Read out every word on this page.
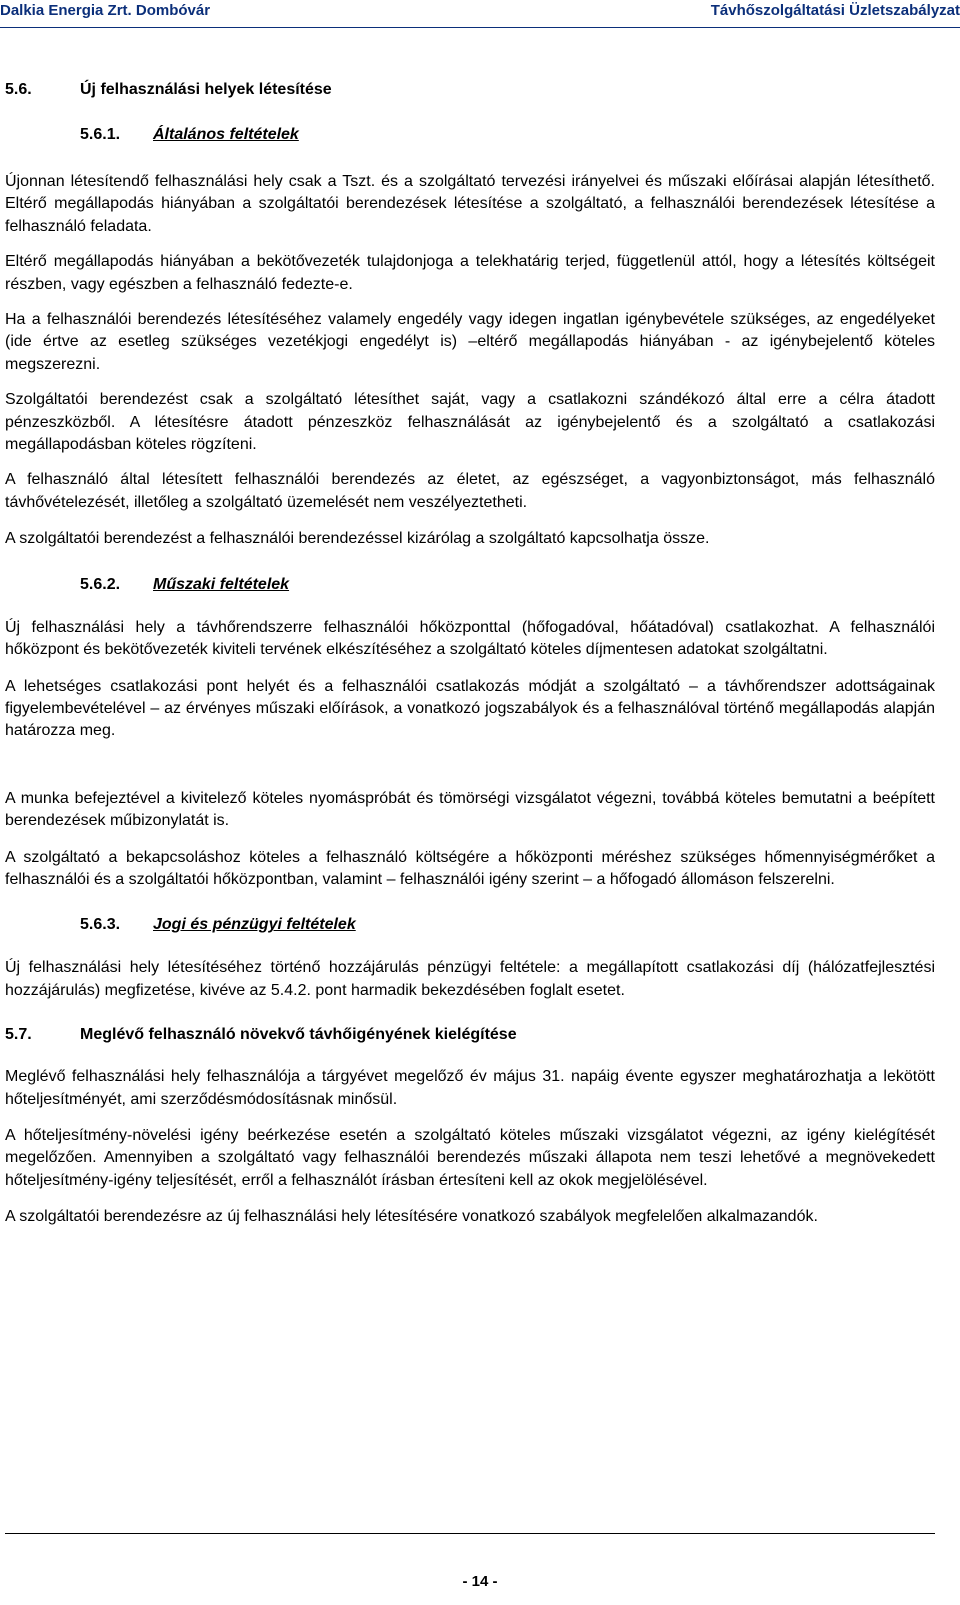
Dalkia Energia Zrt. Dombóvár	Távhőszolgáltatási Üzletszabályzat
5.6.	Új felhasználási helyek létesítése
5.6.1. Általános feltételek

Újonnan létesítendő felhasználási hely csak a Tszt. és a szolgáltató tervezési irányelvei és műszaki előírásai alapján létesíthető. Eltérő megállapodás hiányában a szolgáltatói berendezések létesítése a szolgáltató, a felhasználói berendezések létesítése a felhasználó feladata.

Eltérő megállapodás hiányában a bekötővezeték tulajdonjoga a telekhatárig terjed, függetlenül attól, hogy a létesítés költségeit részben, vagy egészben a felhasználó fedezte-e.

Ha a felhasználói berendezés létesítéséhez valamely engedély vagy idegen ingatlan igénybevétele szükséges, az engedélyeket (ide értve az esetleg szükséges vezetékjogi engedélyt is) –eltérő megállapodás hiányában - az igénybejelentő köteles megszerezni.

Szolgáltatói berendezést csak a szolgáltató létesíthet saját, vagy a csatlakozni szándékozó által erre a célra átadott pénzeszközből. A létesítésre átadott pénzeszköz felhasználását az igénybejelentő és a szolgáltató a csatlakozási megállapodásban köteles rögzíteni.

A felhasználó által létesített felhasználói berendezés az életet, az egészséget, a vagyonbiztonságot, más felhasználó távhővételezését, illetőleg a szolgáltató üzemelését nem veszélyeztetheti.

A szolgáltatói berendezést a felhasználói berendezéssel kizárólag a szolgáltató kapcsolhatja össze.

5.6.2. Műszaki feltételek

Új felhasználási hely a távhőrendszerre felhasználói hőközponttal (hőfogadóval, hőátadóval) csatlakozhat. A felhasználói hőközpont és bekötővezeték kiviteli tervének elkészítéséhez a szolgáltató köteles díjmentesen adatokat szolgáltatni.

A lehetséges csatlakozási pont helyét és a felhasználói csatlakozás módját a szolgáltató – a távhőrendszer adottságainak figyelembevételével – az érvényes műszaki előírások, a vonatkozó jogszabályok és a felhasználóval történő megállapodás alapján határozza meg.

A munka befejeztével a kivitelező köteles nyomáspróbát és tömörségi vizsgálatot végezni, továbbá köteles bemutatni a beépített berendezések műbizonylatát is.

A szolgáltató a bekapcsoláshoz köteles a felhasználó költségére a hőközponti méréshez szükséges hőmennyiségmérőket a felhasználói és a szolgáltatói hőközpontban, valamint – felhasználói igény szerint – a hőfogadó állomáson felszerelni.

5.6.3. Jogi és pénzügyi feltételek

Új felhasználási hely létesítéséhez történő hozzájárulás pénzügyi feltétele: a megállapított csatlakozási díj (hálózatfejlesztési hozzájárulás) megfizetése, kivéve az 5.4.2. pont harmadik bekezdésében foglalt esetet.

5.7.	Meglévő felhasználó növekvő távhőigényének kielégítése

Meglévő felhasználási hely felhasználója a tárgyévet megelőző év május 31. napáig évente egyszer meghatározhatja a lekötött hőteljesítményét, ami szerződésmódosításnak minősül.

A hőteljesítmény-növelési igény beérkezése esetén a szolgáltató köteles műszaki vizsgálatot végezni, az igény kielégítését megelőzően. Amennyiben a szolgáltató vagy felhasználói berendezés műszaki állapota nem teszi lehetővé a megnövekedett hőteljesítmény-igény teljesítését, erről a felhasználót írásban értesíteni kell az okok megjelölésével.

A szolgáltatói berendezésre az új felhasználási hely létesítésére vonatkozó szabályok megfelelően alkalmazandók.

- 14 -
